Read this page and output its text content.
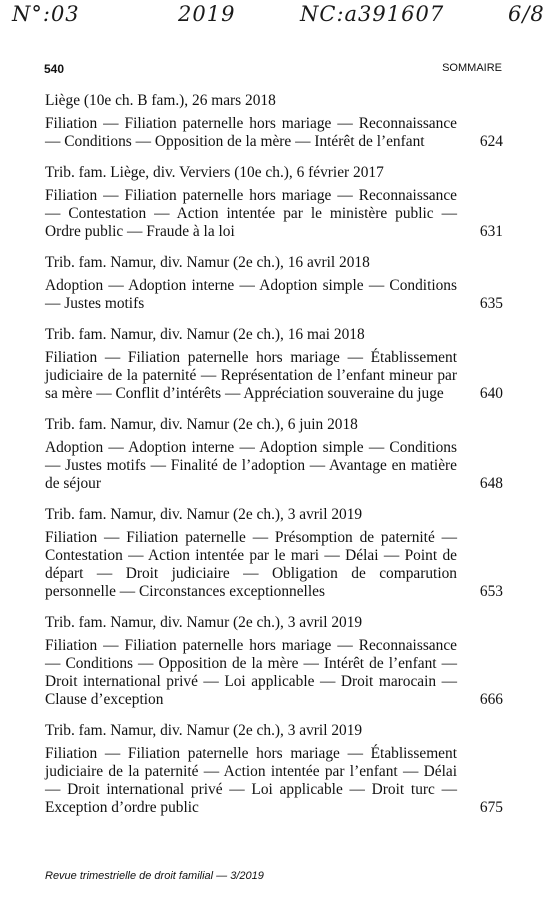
N°:03	2019	NC:a391607	6/8
540	SOMMAIRE
Liège (10e ch. B fam.), 26 mars 2018
Filiation — Filiation paternelle hors mariage — Reconnaissance — Conditions — Opposition de la mère — Intérêt de l’enfant	624
Trib. fam. Liège, div. Verviers (10e ch.), 6 février 2017
Filiation — Filiation paternelle hors mariage — Reconnaissance — Contestation — Action intentée par le ministère public — Ordre public — Fraude à la loi	631
Trib. fam. Namur, div. Namur (2e ch.), 16 avril 2018
Adoption — Adoption interne — Adoption simple — Conditions — Justes motifs	635
Trib. fam. Namur, div. Namur (2e ch.), 16 mai 2018
Filiation — Filiation paternelle hors mariage — Établissement judiciaire de la paternité — Représentation de l’enfant mineur par sa mère — Conflit d’intérêts — Appréciation souveraine du juge	640
Trib. fam. Namur, div. Namur (2e ch.), 6 juin 2018
Adoption — Adoption interne — Adoption simple — Conditions — Justes motifs — Finalité de l’adoption — Avantage en matière de séjour	648
Trib. fam. Namur, div. Namur (2e ch.), 3 avril 2019
Filiation — Filiation paternelle — Présomption de paternité — Contestation — Action intentée par le mari — Délai — Point de départ — Droit judiciaire — Obligation de comparution personnelle — Circonstances exceptionnelles	653
Trib. fam. Namur, div. Namur (2e ch.), 3 avril 2019
Filiation — Filiation paternelle hors mariage — Reconnaissance — Conditions — Opposition de la mère — Intérêt de l’enfant — Droit international privé — Loi applicable — Droit marocain — Clause d’exception	666
Trib. fam. Namur, div. Namur (2e ch.), 3 avril 2019
Filiation — Filiation paternelle hors mariage — Établissement judiciaire de la paternité — Action intentée par l’enfant — Délai — Droit international privé — Loi applicable — Droit turc — Exception d’ordre public	675
Revue trimestrielle de droit familial — 3/2019
